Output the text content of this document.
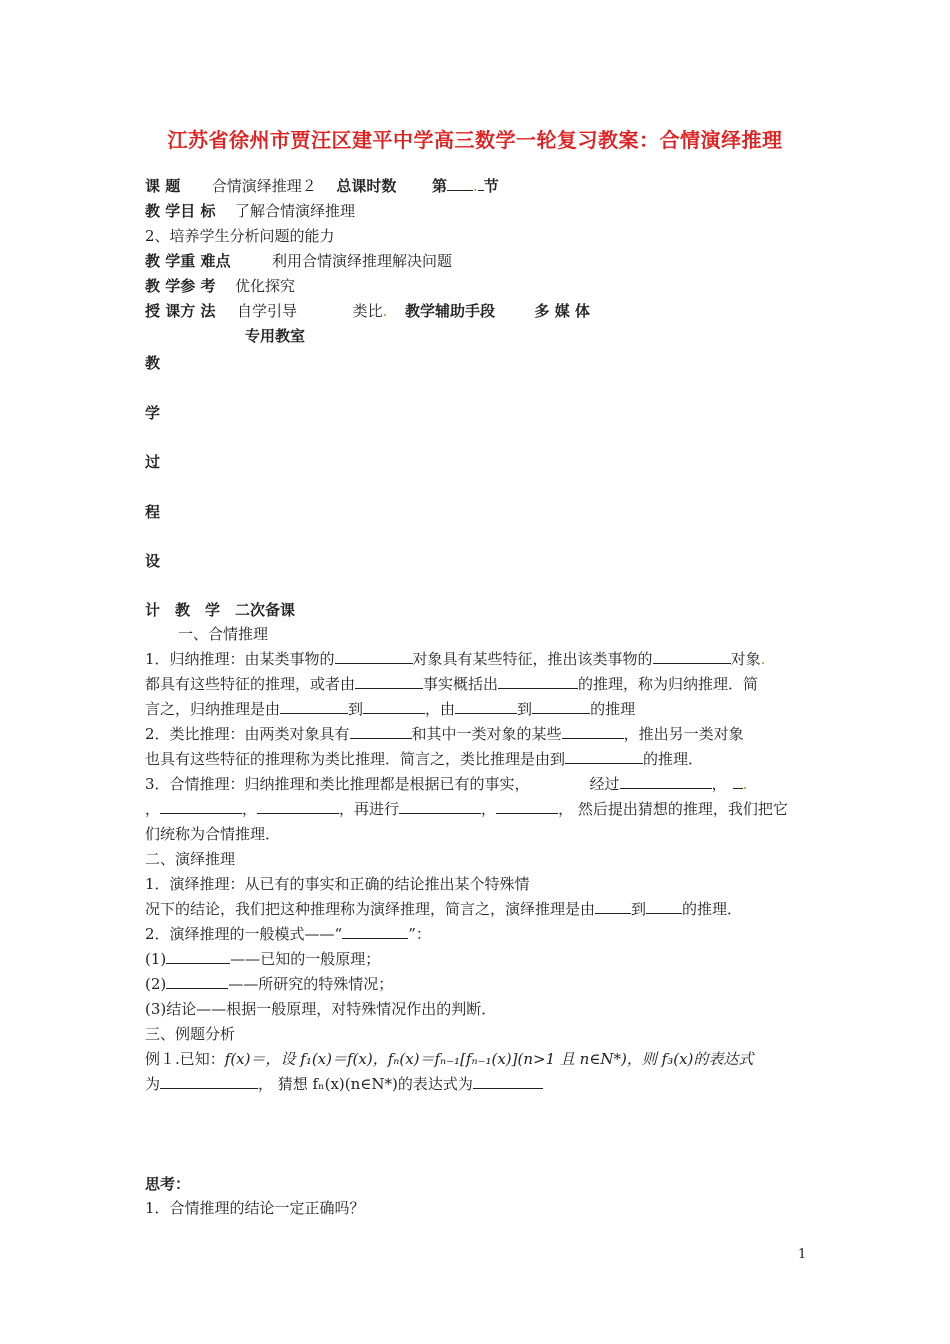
江苏省徐州市贾汪区建平中学高三数学一轮复习教案：合情演绎推理
课 题 合情演绎推理２ 总课时数 第 . 节
教 学目 标 了解合情演绎推理
2、培养学生分析问题的能力
教 学重 难点	利用合情演绎推理解决问题
教 学参 考 优化探究
授 课方 法 自学引导	类比. 教学辅助手段	多 媒 体
专用教室
教
学
过
程
设
计　教　学　二次备课
一、合情推理
1．归纳推理：由某类事物的	对象具有某些特征，推出该类事物的	对象.
都具有这些特征的推理，或者由	事实概括出	的推理，称为归纳推理．简
言之，归纳推理是由	到	，由	到	的推理
2．类比推理：由两类对象具有	和其中一类对象的某些	，推出另一类对象
也具有这些特征的推理称为类比推理．简言之，类比推理是由到	的推理．
3．合情推理：归纳推理和类比推理都是根据已有的事实，	经过	， .
，	，	，再进行	，	， 然后提出猜想的推理，我们把它
们统称为合情推理．
二、演绎推理
1．演绎推理：从已有的事实和正确的结论推出某个特殊情
况下的结论，我们把这种推理称为演绎推理，简言之，演绎推理是由 到 的推理．
2．演绎推理的一般模式——“	”：
(1)	——已知的一般原理；
(2)	——所研究的特殊情况；
(3)结论——根据一般原理，对特殊情况作出的判断．
三、例题分析
例１.已知：f(x)＝，设 f₁(x)＝f(x)，fₙ(x)＝fₙ₋₁[fₙ₋₁(x)](n>1 且 n∈N*)，则 f₃(x)的表达式
为	， 猜想 fₙ(x)(n∈N*)的表达式为
思考：
1．合情推理的结论一定正确吗？
1
